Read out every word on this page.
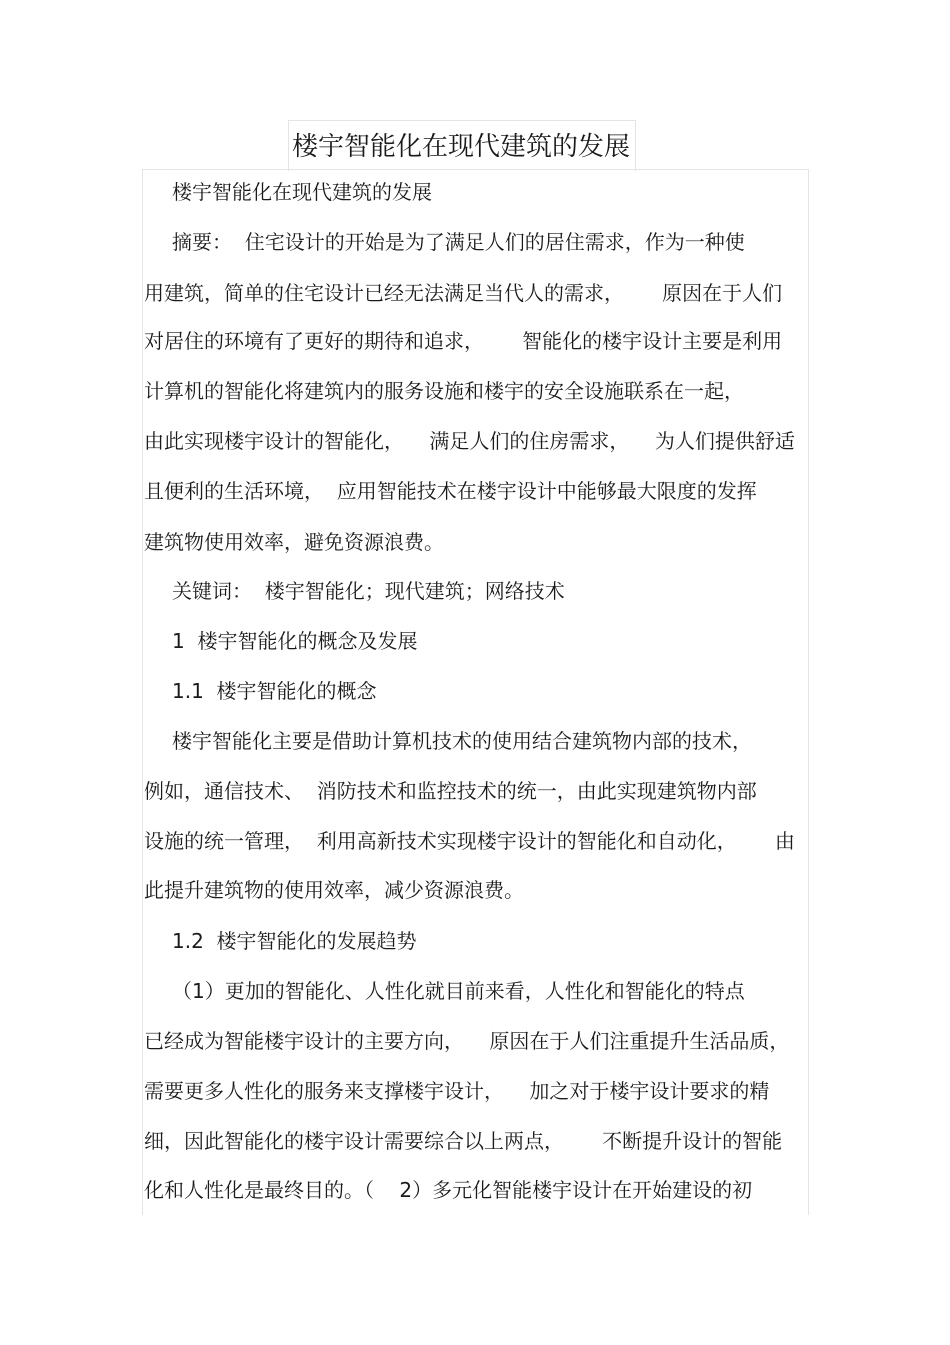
楼宇智能化在现代建筑的发展
楼宇智能化在现代建筑的发展
摘要：  住宅设计的开始是为了满足人们的居住需求，作为一种使
用建筑，简单的住宅设计已经无法满足当代人的需求，      原因在于人们
对居住的环境有了更好的期待和追求，      智能化的楼宇设计主要是利用
计算机的智能化将建筑内的服务设施和楼宇的安全设施联系在一起，
由此实现楼宇设计的智能化，    满足人们的住房需求，    为人们提供舒适
且便利的生活环境，  应用智能技术在楼宇设计中能够最大限度的发挥
建筑物使用效率，避免资源浪费。
关键词：  楼宇智能化；现代建筑；网络技术
1  楼宇智能化的概念及发展
1.1  楼宇智能化的概念
楼宇智能化主要是借助计算机技术的使用结合建筑物内部的技术，
例如，通信技术、  消防技术和监控技术的统一，由此实现建筑物内部
设施的统一管理，  利用高新技术实现楼宇设计的智能化和自动化，      由
此提升建筑物的使用效率，减少资源浪费。
1.2  楼宇智能化的发展趋势
（1）更加的智能化、人性化就目前来看，人性化和智能化的特点
已经成为智能楼宇设计的主要方向，    原因在于人们注重提升生活品质，
需要更多人性化的服务来支撑楼宇设计，    加之对于楼宇设计要求的精
细，因此智能化的楼宇设计需要综合以上两点，      不断提升设计的智能
化和人性化是最终目的。（    2）多元化智能楼宇设计在开始建设的初
